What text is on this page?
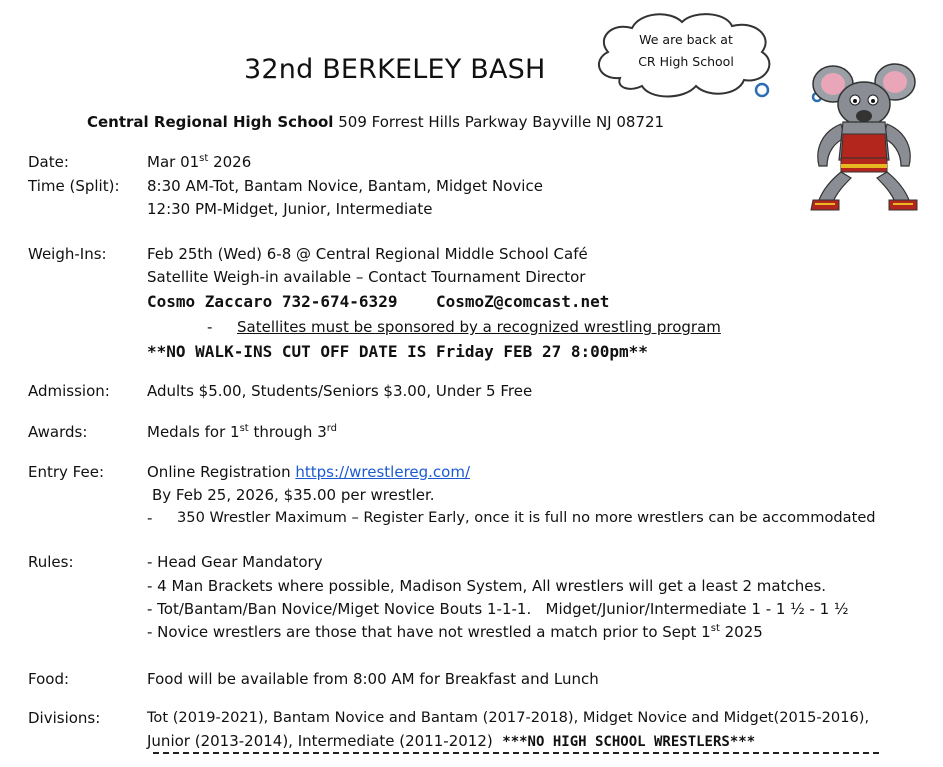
32nd BERKELEY BASH
We are back at
CR High School
Central Regional High School 509 Forrest Hills Parkway Bayville NJ 08721
Date:	Mar 01st 2026
Time (Split): 8:30 AM-Tot, Bantam Novice, Bantam, Midget Novice
12:30 PM-Midget, Junior, Intermediate
Weigh-Ins:	Feb 25th (Wed) 6-8 @ Central Regional Middle School Café
Satellite Weigh-in available – Contact Tournament Director
Cosmo Zaccaro 732-674-6329    CosmoZ@comcast.net
- Satellites must be sponsored by a recognized wrestling program
**NO WALK-INS CUT OFF DATE IS Friday FEB 27 8:00pm**
Admission: Adults $5.00, Students/Seniors $3.00, Under 5 Free
Awards:	Medals for 1st through 3rd
Entry Fee:	Online Registration https://wrestlereg.com/
By Feb 25, 2026, $35.00 per wrestler.
- 350 Wrestler Maximum – Register Early, once it is full no more wrestlers can be accommodated
Rules:	- Head Gear Mandatory
- 4 Man Brackets where possible, Madison System, All wrestlers will get a least 2 matches.
- Tot/Bantam/Ban Novice/Miget Novice Bouts 1-1-1.   Midget/Junior/Intermediate 1 - 1 ½ - 1 ½
- Novice wrestlers are those that have not wrestled a match prior to Sept 1st 2025
Food:	Food will be available from 8:00 AM for Breakfast and Lunch
Divisions:	Tot (2019-2021), Bantam Novice and Bantam (2017-2018), Midget Novice and Midget(2015-2016),
Junior (2013-2014), Intermediate (2011-2012)  ***NO HIGH SCHOOL WRESTLERS***
